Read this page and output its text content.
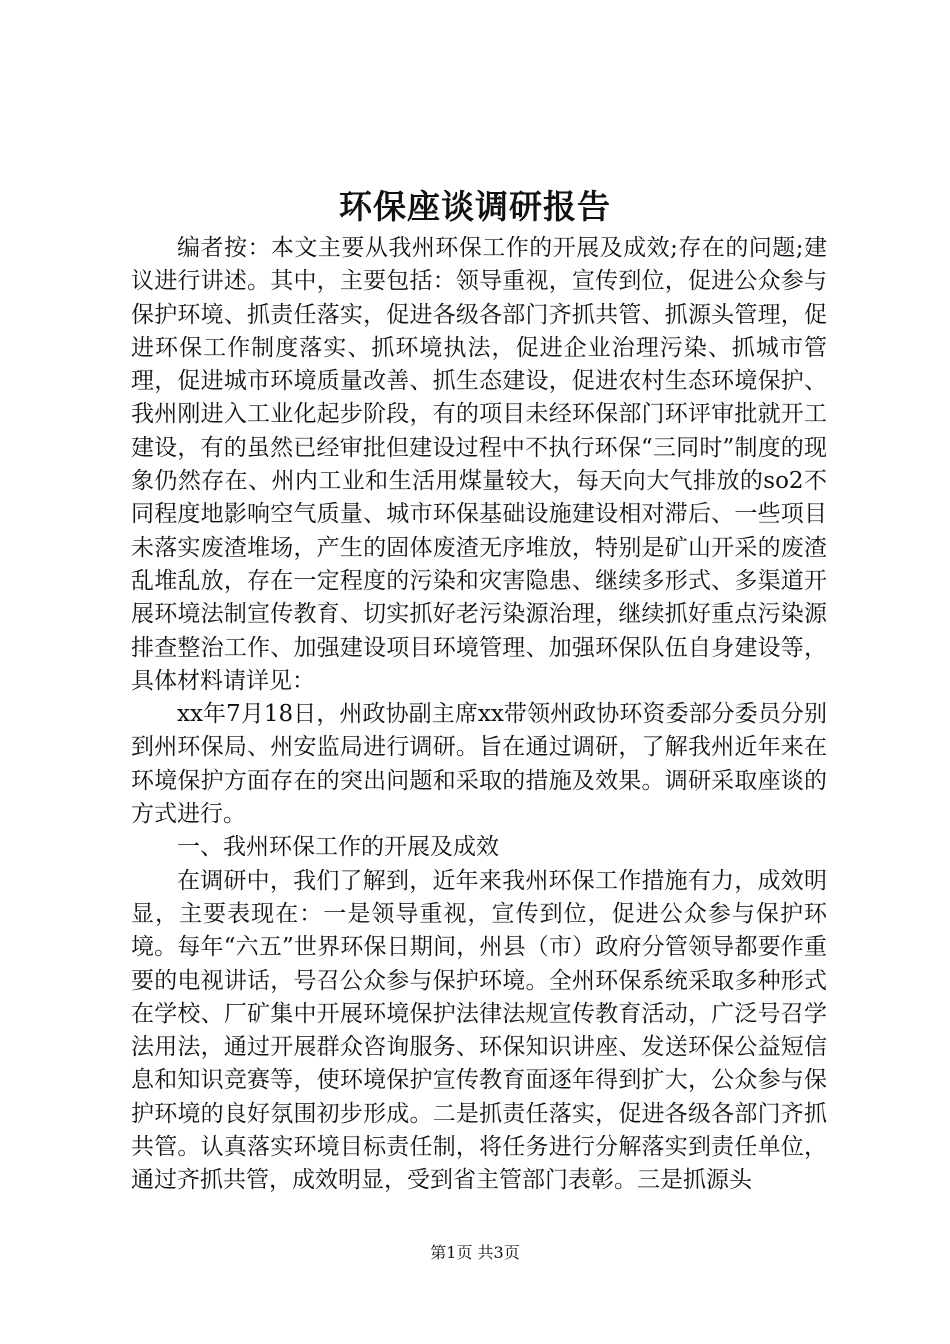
环保座谈调研报告

编者按：本文主要从我州环保工作的开展及成效;存在的问题;建议进行讲述。其中，主要包括：领导重视，宣传到位，促进公众参与保护环境、抓责任落实，促进各级各部门齐抓共管、抓源头管理，促进环保工作制度落实、抓环境执法，促进企业治理污染、抓城市管理，促进城市环境质量改善、抓生态建设，促进农村生态环境保护、我州刚进入工业化起步阶段，有的项目未经环保部门环评审批就开工建设，有的虽然已经审批但建设过程中不执行环保“三同时”制度的现象仍然存在、州内工业和生活用煤量较大，每天向大气排放的so2不同程度地影响空气质量、城市环保基础设施建设相对滞后、一些项目未落实废渣堆场，产生的固体废渣无序堆放，特别是矿山开采的废渣乱堆乱放，存在一定程度的污染和灾害隐患、继续多形式、多渠道开展环境法制宣传教育、切实抓好老污染源治理，继续抓好重点污染源排查整治工作、加强建设项目环境管理、加强环保队伍自身建设等，具体材料请详见：

xx年7月18日，州政协副主席xx带领州政协环资委部分委员分别到州环保局、州安监局进行调研。旨在通过调研，了解我州近年来在环境保护方面存在的突出问题和采取的措施及效果。调研采取座谈的方式进行。

一、我州环保工作的开展及成效

在调研中，我们了解到，近年来我州环保工作措施有力，成效明显，主要表现在：一是领导重视，宣传到位，促进公众参与保护环境。每年“六五”世界环保日期间，州县（市）政府分管领导都要作重要的电视讲话，号召公众参与保护环境。全州环保系统采取多种形式在学校、厂矿集中开展环境保护法律法规宣传教育活动，广泛号召学法用法，通过开展群众咨询服务、环保知识讲座、发送环保公益短信息和知识竞赛等，使环境保护宣传教育面逐年得到扩大，公众参与保护环境的良好氛围初步形成。二是抓责任落实，促进各级各部门齐抓共管。认真落实环境目标责任制，将任务进行分解落实到责任单位，通过齐抓共管，成效明显，受到省主管部门表彰。三是抓源头

第1页 共3页
